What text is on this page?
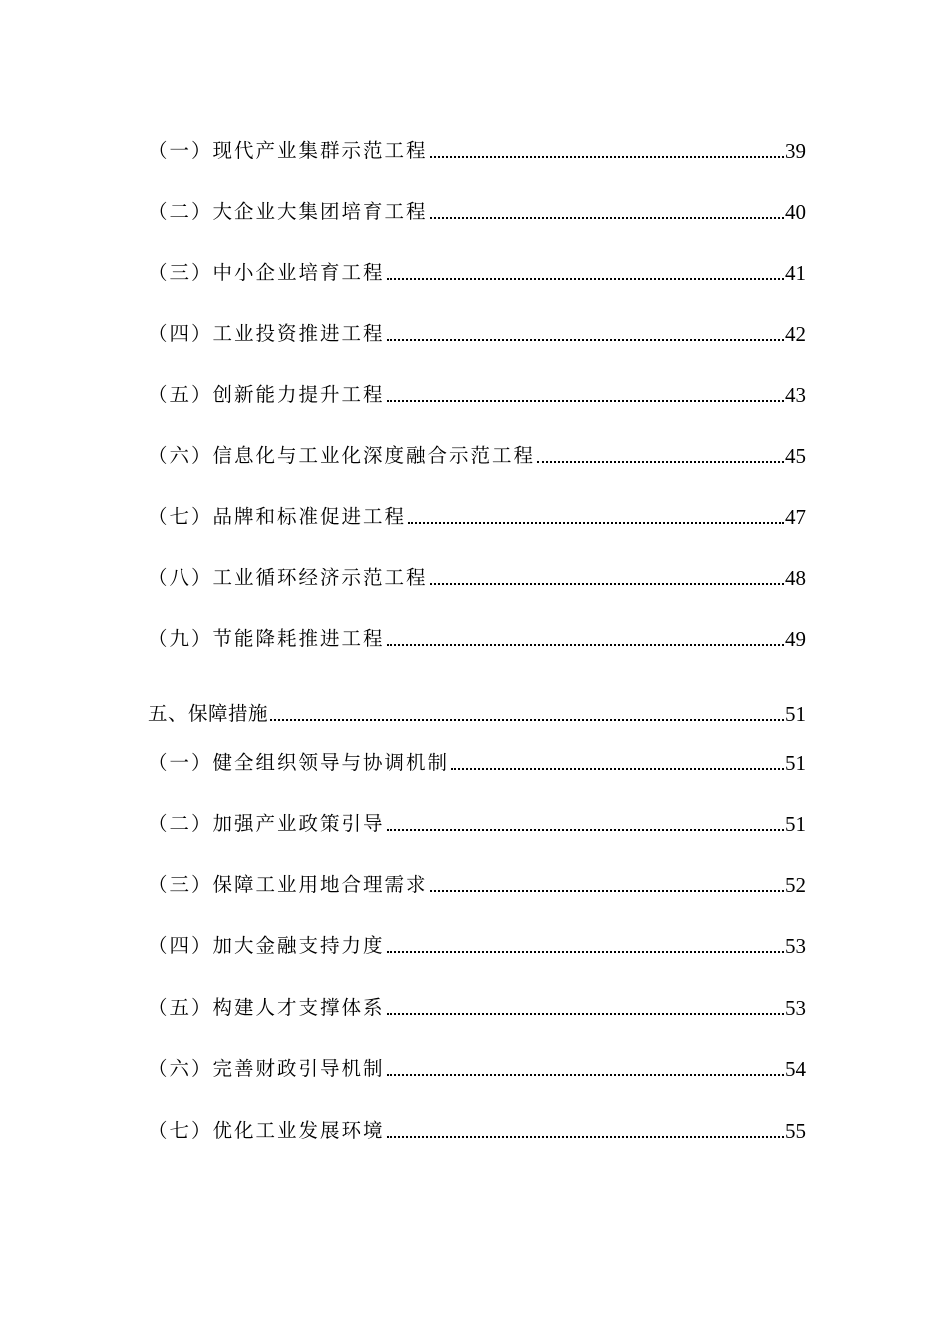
（一）现代产业集群示范工程	39
（二）大企业大集团培育工程	40
（三）中小企业培育工程	41
（四）工业投资推进工程	42
（五）创新能力提升工程	43
（六）信息化与工业化深度融合示范工程	45
（七）品牌和标准促进工程	47
（八）工业循环经济示范工程	48
（九）节能降耗推进工程	49
五、保障措施	51
（一）健全组织领导与协调机制	51
（二）加强产业政策引导	51
（三）保障工业用地合理需求	52
（四）加大金融支持力度	53
（五）构建人才支撑体系	53
（六）完善财政引导机制	54
（七）优化工业发展环境	55
